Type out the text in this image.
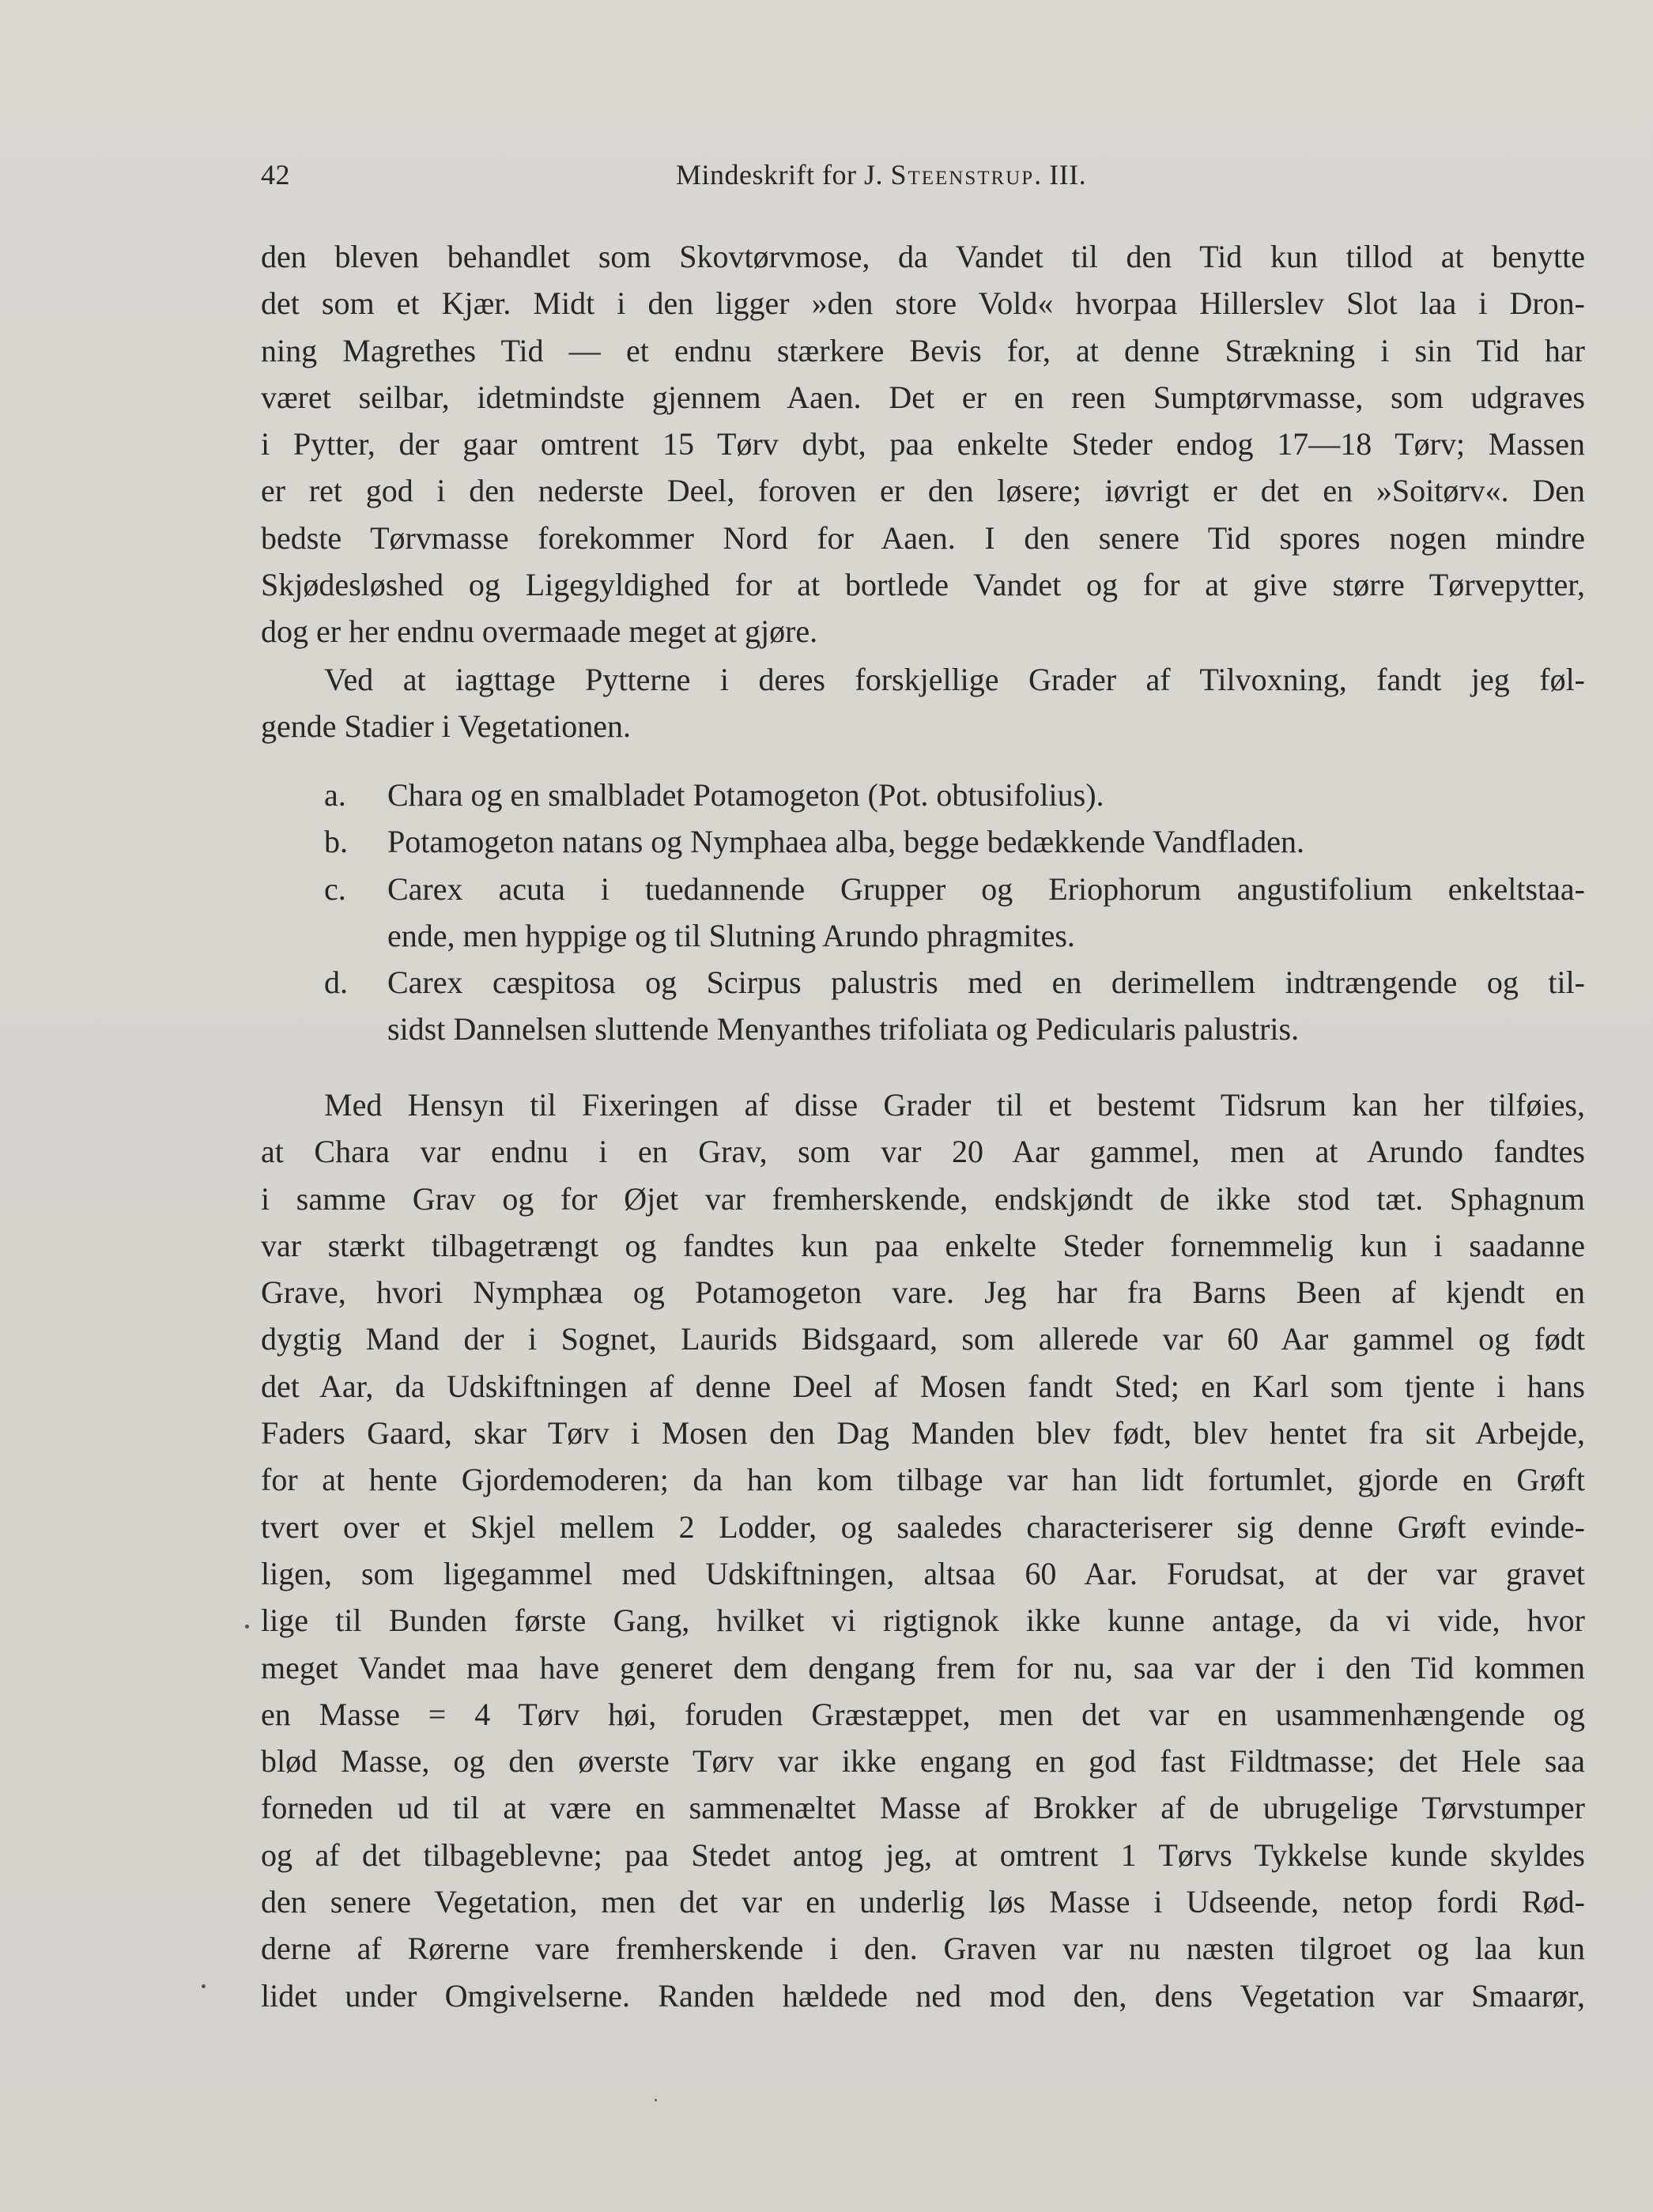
42	Mindeskrift for J. Steenstrup. III.
den bleven behandlet som Skovtørvmose, da Vandet til den Tid kun tillod at benytte
det som et Kjær. Midt i den ligger »den store Vold« hvorpaa Hillerslev Slot laa i Dron-
ning Magrethes Tid — et endnu stærkere Bevis for, at denne Strækning i sin Tid har
været seilbar, idetmindste gjennem Aaen. Det er en reen Sumptørvmasse, som udgraves
i Pytter, der gaar omtrent 15 Tørv dybt, paa enkelte Steder endog 17—18 Tørv; Massen
er ret god i den nederste Deel, foroven er den løsere; iøvrigt er det en »Soitørv«. Den
bedste Tørvmasse forekommer Nord for Aaen. I den senere Tid spores nogen mindre
Skjødesløshed og Ligegyldighed for at bortlede Vandet og for at give større Tørvepytter,
dog er her endnu overmaade meget at gjøre.
Ved at iagttage Pytterne i deres forskjellige Grader af Tilvoxning, fandt jeg føl-
gende Stadier i Vegetationen.
a. Chara og en smalbladet Potamogeton (Pot. obtusifolius).
b. Potamogeton natans og Nymphaea alba, begge bedækkende Vandfladen.
c. Carex acuta i tuedannende Grupper og Eriophorum angustifolium enkeltstaa-
ende, men hyppige og til Slutning Arundo phragmites.
d. Carex cæspitosa og Scirpus palustris med en derimellem indtrængende og til-
sidst Dannelsen sluttende Menyanthes trifoliata og Pedicularis palustris.
Med Hensyn til Fixeringen af disse Grader til et bestemt Tidsrum kan her tilføies,
at Chara var endnu i en Grav, som var 20 Aar gammel, men at Arundo fandtes
i samme Grav og for Øjet var fremherskende, endskjøndt de ikke stod tæt. Sphagnum
var stærkt tilbagetrængt og fandtes kun paa enkelte Steder fornemmelig kun i saadanne
Grave, hvori Nymphæa og Potamogeton vare. Jeg har fra Barns Been af kjendt en
dygtig Mand der i Sognet, Laurids Bidsgaard, som allerede var 60 Aar gammel og født
det Aar, da Udskiftningen af denne Deel af Mosen fandt Sted; en Karl som tjente i hans
Faders Gaard, skar Tørv i Mosen den Dag Manden blev født, blev hentet fra sit Arbejde,
for at hente Gjordemoderen; da han kom tilbage var han lidt fortumlet, gjorde en Grøft
tvert over et Skjel mellem 2 Lodder, og saaledes characteriserer sig denne Grøft evinde-
ligen, som ligegammel med Udskiftningen, altsaa 60 Aar. Forudsat, at der var gravet
lige til Bunden første Gang, hvilket vi rigtignok ikke kunne antage, da vi vide, hvor
meget Vandet maa have generet dem dengang frem for nu, saa var der i den Tid kommen
en Masse = 4 Tørv høi, foruden Græstæppet, men det var en usammenhængende og
blød Masse, og den øverste Tørv var ikke engang en god fast Fildtmasse; det Hele saa
forneden ud til at være en sammenæltet Masse af Brokker af de ubrugelige Tørvstumper
og af det tilbageblevne; paa Stedet antog jeg, at omtrent 1 Tørvs Tykkelse kunde skyldes
den senere Vegetation, men det var en underlig løs Masse i Udseende, netop fordi Rød-
derne af Rørerne vare fremherskende i den. Graven var nu næsten tilgroet og laa kun
lidet under Omgivelserne. Randen hældede ned mod den, dens Vegetation var Smaarør,
